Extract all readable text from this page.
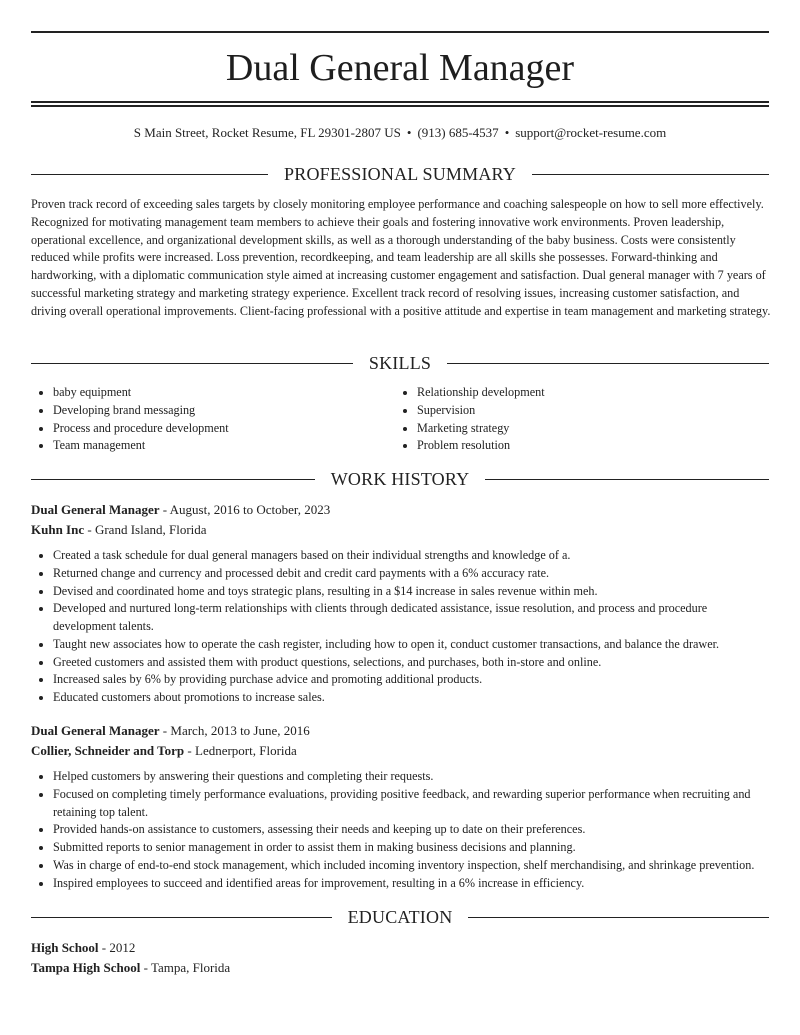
Dual General Manager
S Main Street, Rocket Resume, FL 29301-2807 US • (913) 685-4537 • support@rocket-resume.com
PROFESSIONAL SUMMARY

Proven track record of exceeding sales targets by closely monitoring employee performance and coaching salespeople on how to sell more effectively. Recognized for motivating management team members to achieve their goals and fostering innovative work environments. Proven leadership, operational excellence, and organizational development skills, as well as a thorough understanding of the baby business. Costs were consistently reduced while profits were increased. Loss prevention, recordkeeping, and team leadership are all skills she possesses. Forward-thinking and hardworking, with a diplomatic communication style aimed at increasing customer engagement and satisfaction. Dual general manager with 7 years of successful marketing strategy and marketing strategy experience. Excellent track record of resolving issues, increasing customer satisfaction, and driving overall operational improvements. Client-facing professional with a positive attitude and expertise in team management and marketing strategy.

SKILLS
• baby equipment
• Developing brand messaging
• Process and procedure development
• Team management
• Relationship development
• Supervision
• Marketing strategy
• Problem resolution
WORK HISTORY
Dual General Manager - August, 2016 to October, 2023
Kuhn Inc - Grand Island, Florida
• Created a task schedule for dual general managers based on their individual strengths and knowledge of a.
• Returned change and currency and processed debit and credit card payments with a 6% accuracy rate.
• Devised and coordinated home and toys strategic plans, resulting in a $14 increase in sales revenue within meh.
• Developed and nurtured long-term relationships with clients through dedicated assistance, issue resolution, and process and procedure development talents.
• Taught new associates how to operate the cash register, including how to open it, conduct customer transactions, and balance the drawer.
• Greeted customers and assisted them with product questions, selections, and purchases, both in-store and online.
• Increased sales by 6% by providing purchase advice and promoting additional products.
• Educated customers about promotions to increase sales.
Dual General Manager - March, 2013 to June, 2016
Collier, Schneider and Torp - Lednerport, Florida
• Helped customers by answering their questions and completing their requests.
• Focused on completing timely performance evaluations, providing positive feedback, and rewarding superior performance when recruiting and retaining top talent.
• Provided hands-on assistance to customers, assessing their needs and keeping up to date on their preferences.
• Submitted reports to senior management in order to assist them in making business decisions and planning.
• Was in charge of end-to-end stock management, which included incoming inventory inspection, shelf merchandising, and shrinkage prevention.
• Inspired employees to succeed and identified areas for improvement, resulting in a 6% increase in efficiency.
EDUCATION
High School - 2012
Tampa High School - Tampa, Florida
